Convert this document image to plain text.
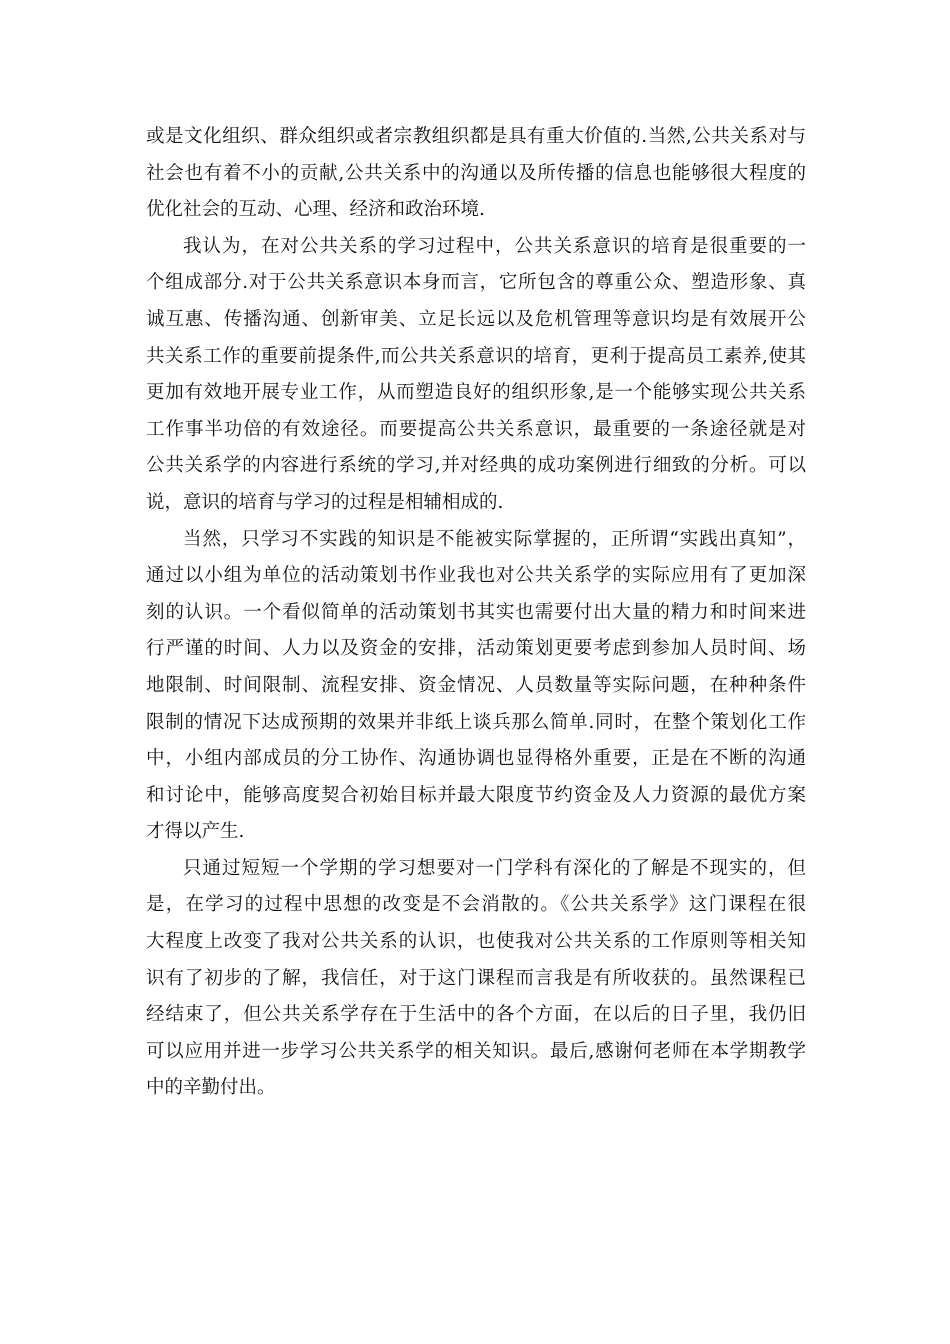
或是文化组织、群众组织或者宗教组织都是具有重大价值的.当然,公共关系对与
社会也有着不小的贡献,公共关系中的沟通以及所传播的信息也能够很大程度的
优化社会的互动、心理、经济和政治环境.
我认为，在对公共关系的学习过程中，公共关系意识的培育是很重要的一
个组成部分.对于公共关系意识本身而言，它所包含的尊重公众、塑造形象、真
诚互惠、传播沟通、创新审美、立足长远以及危机管理等意识均是有效展开公
共关系工作的重要前提条件,而公共关系意识的培育，更利于提高员工素养,使其
更加有效地开展专业工作，从而塑造良好的组织形象,是一个能够实现公共关系
工作事半功倍的有效途径。而要提高公共关系意识，最重要的一条途径就是对
公共关系学的内容进行系统的学习,并对经典的成功案例进行细致的分析。可以
说，意识的培育与学习的过程是相辅相成的.
当然，只学习不实践的知识是不能被实际掌握的，正所谓“实践出真知”，
通过以小组为单位的活动策划书作业我也对公共关系学的实际应用有了更加深
刻的认识。一个看似简单的活动策划书其实也需要付出大量的精力和时间来进
行严谨的时间、人力以及资金的安排，活动策划更要考虑到参加人员时间、场
地限制、时间限制、流程安排、资金情况、人员数量等实际问题，在种种条件
限制的情况下达成预期的效果并非纸上谈兵那么简单.同时，在整个策划化工作
中，小组内部成员的分工协作、沟通协调也显得格外重要，正是在不断的沟通
和讨论中，能够高度契合初始目标并最大限度节约资金及人力资源的最优方案
才得以产生.
只通过短短一个学期的学习想要对一门学科有深化的了解是不现实的，但
是，在学习的过程中思想的改变是不会消散的。《公共关系学》这门课程在很
大程度上改变了我对公共关系的认识，也使我对公共关系的工作原则等相关知
识有了初步的了解，我信任，对于这门课程而言我是有所收获的。虽然课程已
经结束了，但公共关系学存在于生活中的各个方面，在以后的日子里，我仍旧
可以应用并进一步学习公共关系学的相关知识。最后,感谢何老师在本学期教学
中的辛勤付出。
